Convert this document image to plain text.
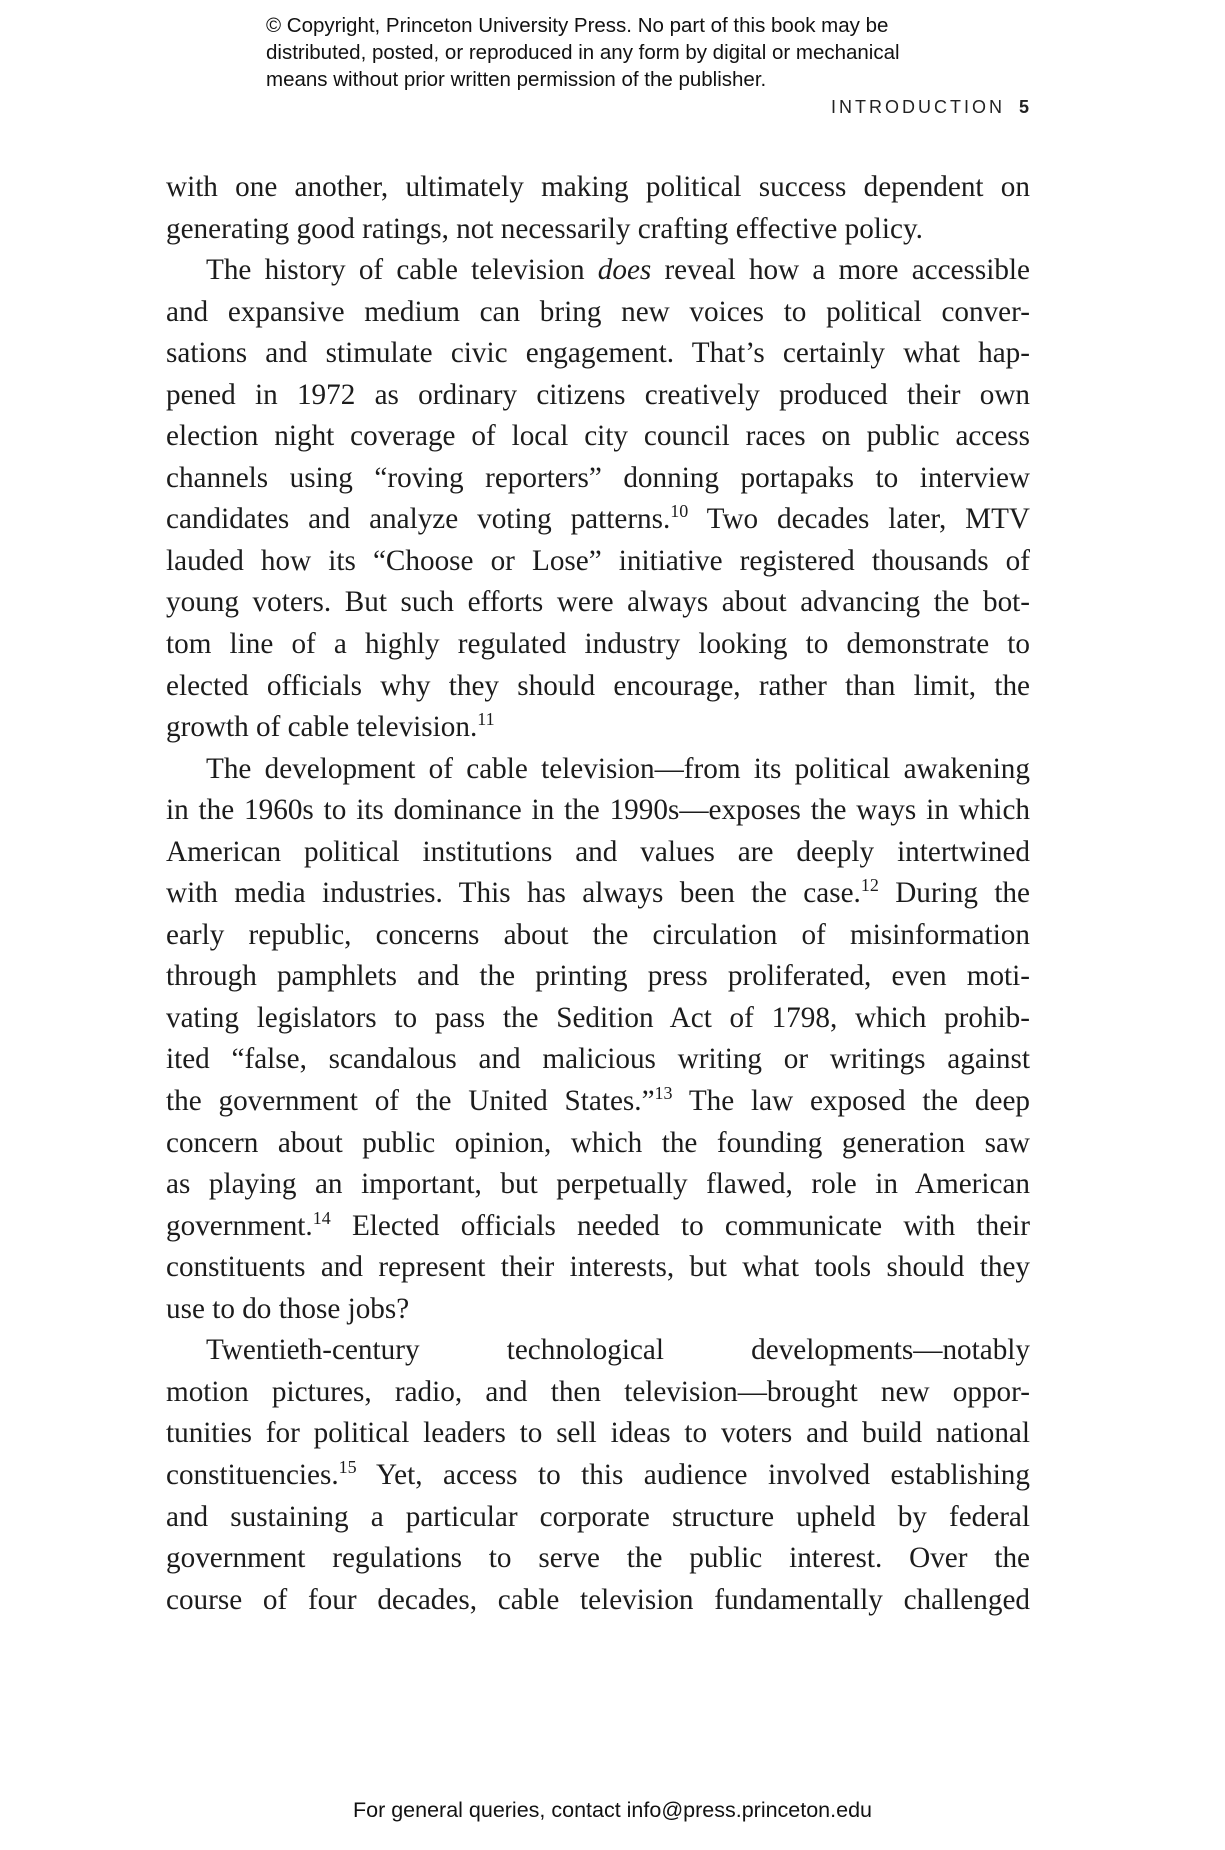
© Copyright, Princeton University Press. No part of this book may be
distributed, posted, or reproduced in any form by digital or mechanical
means without prior written permission of the publisher.
INTRODUCTION 5
with one another, ultimately making political success dependent on
generating good ratings, not necessarily crafting effective policy.
The history of cable television does reveal how a more accessible
and expansive medium can bring new voices to political conver-
sations and stimulate civic engagement. That’s certainly what hap-
pened in 1972 as ordinary citizens creatively produced their own
election night coverage of local city council races on public access
channels using “roving reporters” donning portapaks to interview
candidates and analyze voting patterns.$^{10}$ Two decades later, MTV
lauded how its “Choose or Lose” initiative registered thousands of
young voters. But such efforts were always about advancing the bot-
tom line of a highly regulated industry looking to demonstrate to
elected officials why they should encourage, rather than limit, the
growth of cable television.$^{11}$
The development of cable television—from its political awakening
in the 1960s to its dominance in the 1990s—exposes the ways in which
American political institutions and values are deeply intertwined
with media industries. This has always been the case.$^{12}$ During the
early republic, concerns about the circulation of misinformation
through pamphlets and the printing press proliferated, even moti-
vating legislators to pass the Sedition Act of 1798, which prohib-
ited “false, scandalous and malicious writing or writings against
the government of the United States.”$^{13}$ The law exposed the deep
concern about public opinion, which the founding generation saw
as playing an important, but perpetually flawed, role in American
government.$^{14}$ Elected officials needed to communicate with their
constituents and represent their interests, but what tools should they
use to do those jobs?
Twentieth-century technological developments—notably
motion pictures, radio, and then television—brought new oppor-
tunities for political leaders to sell ideas to voters and build national
constituencies.$^{15}$ Yet, access to this audience involved establishing
and sustaining a particular corporate structure upheld by federal
government regulations to serve the public interest. Over the
course of four decades, cable television fundamentally challenged
For general queries, contact info@press.princeton.edu
